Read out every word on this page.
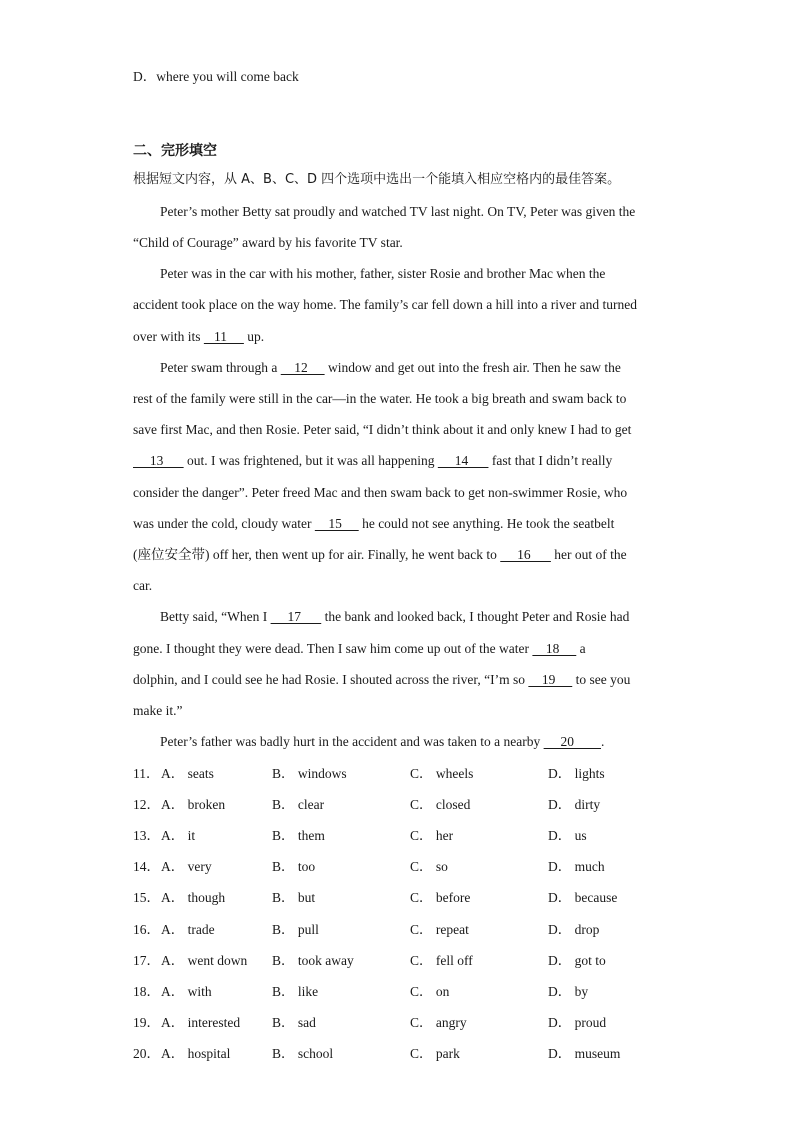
D．where you will come back
二、完形填空
根据短文内容，从 A、B、C、D 四个选项中选出一个能填入相应空格内的最佳答案。
Peter’s mother Betty sat proudly and watched TV last night. On TV, Peter was given the
“Child of Courage” award by his favorite TV star.
Peter was in the car with his mother, father, sister Rosie and brother Mac when the
accident took place on the way home. The family’s car fell down a hill into a river and turned
over with its    11      up.
Peter swam through a     12      window and get out into the fresh air. Then he saw the
rest of the family were still in the car—in the water. He took a big breath and swam back to
save first Mac, and then Rosie. Peter said, “I didn’t think about it and only knew I had to get
13       out. I was frightened, but it was all happening      14       fast that I didn’t really
consider the danger”. Peter freed Mac and then swam back to get non-swimmer Rosie, who
was under the cold, cloudy water     15      he could not see anything. He took the seatbelt
(座位安全带) off her, then went up for air. Finally, he went back to      16       her out of the
car.
Betty said, “When I      17       the bank and looked back, I thought Peter and Rosie had
gone. I thought they were dead. Then I saw him come up out of the water     18      a
dolphin, and I could see he had Rosie. I shouted across the river, “I’m so     19      to see you
make it.”
Peter’s father was badly hurt in the accident and was taken to a nearby      20        .
11． A． seats	B． windows	C． wheels	D． lights
12． A． broken	B． clear	C． closed	D． dirty
13． A． it	B． them	C． her	D． us
14． A． very	B． too	C． so	D． much
15． A． though	B． but	C． before	D． because
16． A． trade	B． pull	C． repeat	D． drop
17． A． went down B． took away	C． fell off	D． got to
18． A． with	B． like	C． on	D． by
19． A． interested B． sad	C． angry	D． proud
20． A． hospital	B． school	C． park	D． museum
